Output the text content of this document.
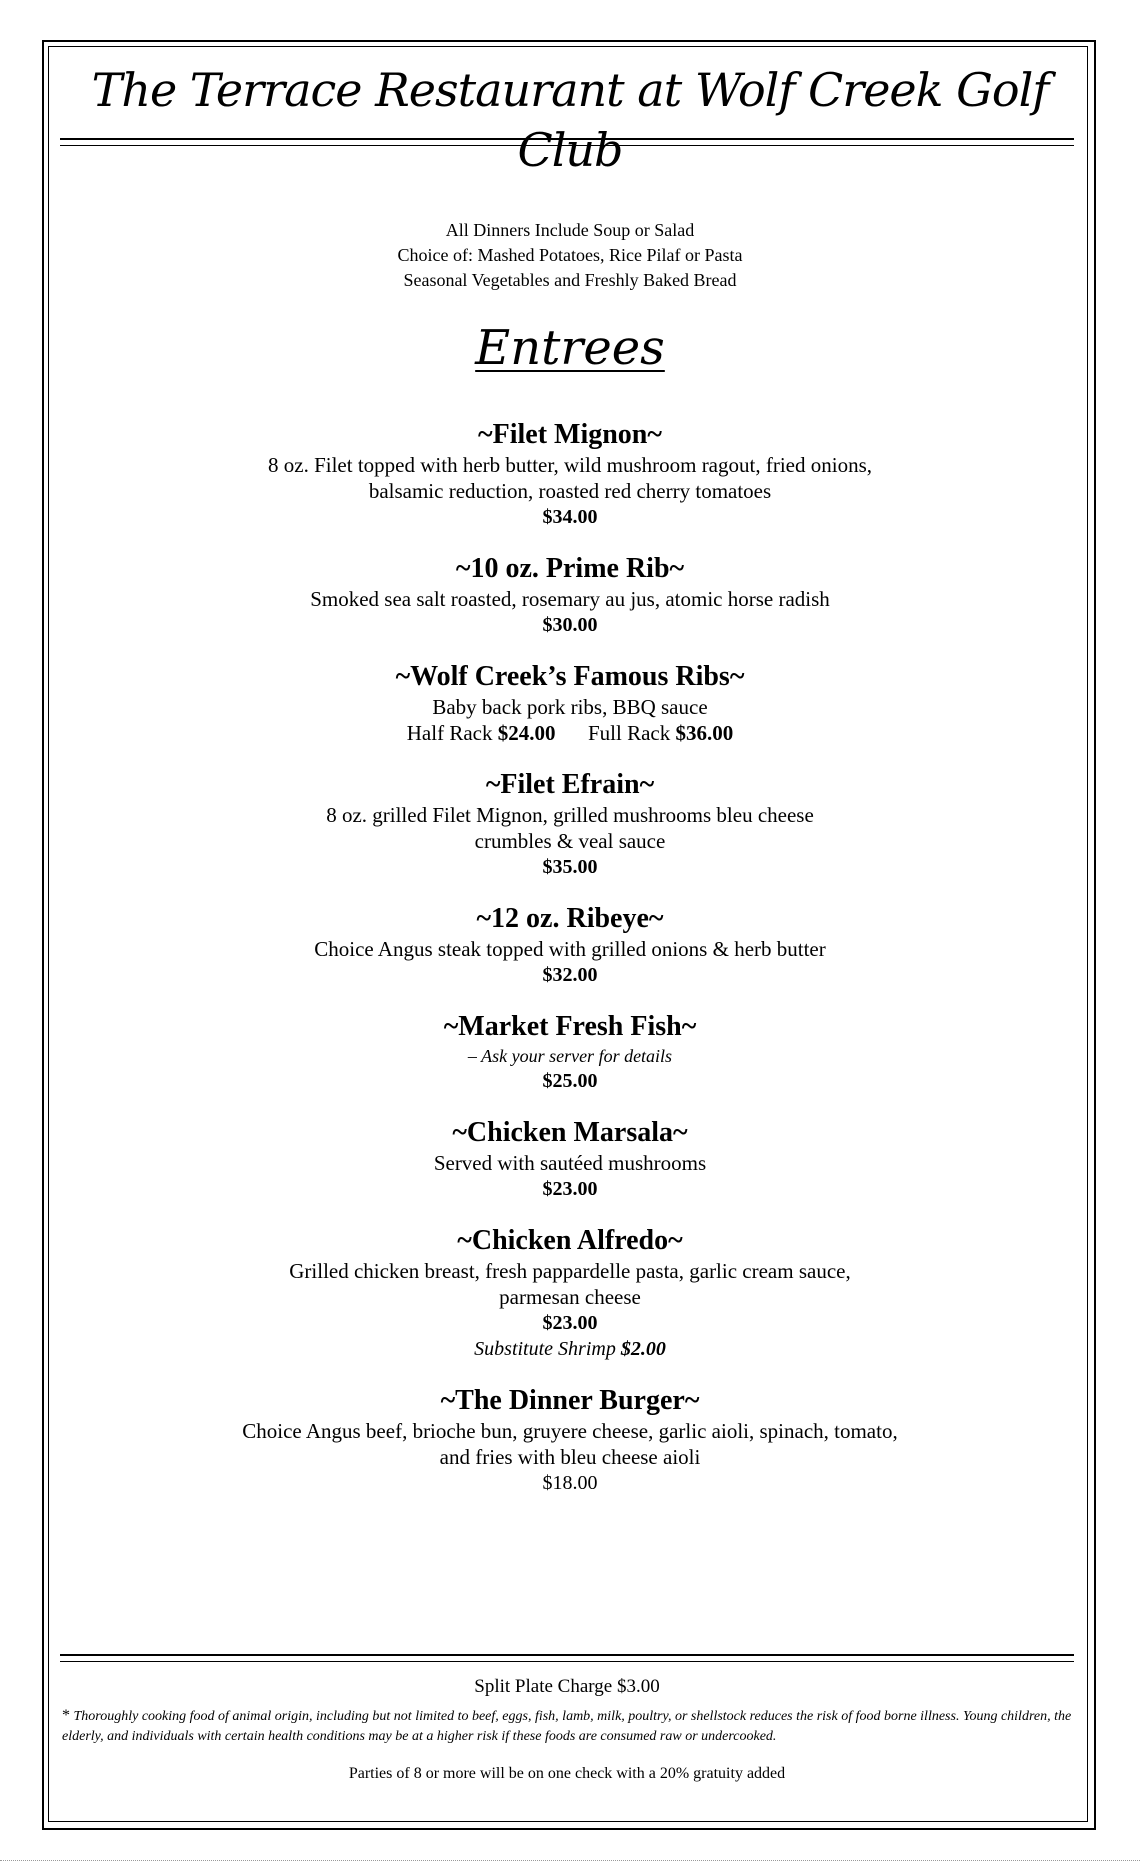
The Terrace Restaurant at Wolf Creek Golf Club
All Dinners Include Soup or Salad
Choice of: Mashed Potatoes, Rice Pilaf or Pasta
Seasonal Vegetables and Freshly Baked Bread
Entrees
~Filet Mignon~
8 oz. Filet topped with herb butter, wild mushroom ragout, fried onions, balsamic reduction, roasted red cherry tomatoes
$34.00
~10 oz. Prime Rib~
Smoked sea salt roasted, rosemary au jus, atomic horse radish
$30.00
~Wolf Creek’s Famous Ribs~
Baby back pork ribs, BBQ sauce
Half Rack $24.00 Full Rack $36.00
~Filet Efrain~
8 oz. grilled Filet Mignon, grilled mushrooms bleu cheese crumbles & veal sauce
$35.00
~12 oz. Ribeye~
Choice Angus steak topped with grilled onions & herb butter
$32.00
~Market Fresh Fish~
– Ask your server for details
$25.00
~Chicken Marsala~
Served with sautéed mushrooms
$23.00
~Chicken Alfredo~
Grilled chicken breast, fresh pappardelle pasta, garlic cream sauce, parmesan cheese
$23.00
Substitute Shrimp $2.00
~The Dinner Burger~
Choice Angus beef, brioche bun, gruyere cheese, garlic aioli, spinach, tomato, and fries with bleu cheese aioli
$18.00
Split Plate Charge $3.00
* Thoroughly cooking food of animal origin, including but not limited to beef, eggs, fish, lamb, milk, poultry, or shellstock reduces the risk of food borne illness. Young children, the elderly, and individuals with certain health conditions may be at a higher risk if these foods are consumed raw or undercooked.
Parties of 8 or more will be on one check with a 20% gratuity added
